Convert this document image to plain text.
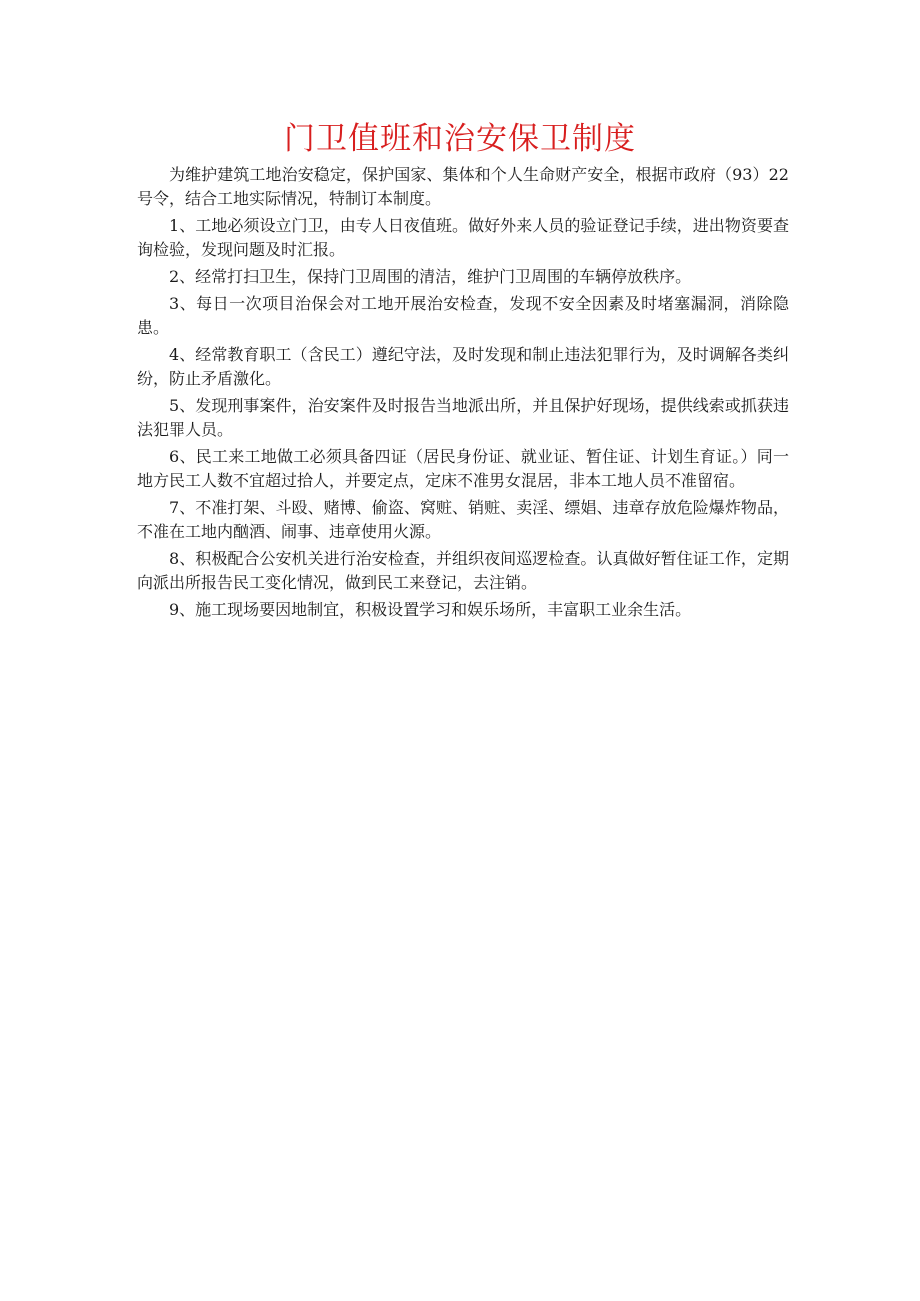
门卫值班和治安保卫制度

为维护建筑工地治安稳定，保护国家、集体和个人生命财产安全，根据市政府（93）22号令，结合工地实际情况，特制订本制度。

1、工地必须设立门卫，由专人日夜值班。做好外来人员的验证登记手续，进出物资要查询检验，发现问题及时汇报。

2、经常打扫卫生，保持门卫周围的清洁，维护门卫周围的车辆停放秩序。

3、每日一次项目治保会对工地开展治安检查，发现不安全因素及时堵塞漏洞，消除隐患。

4、经常教育职工（含民工）遵纪守法，及时发现和制止违法犯罪行为，及时调解各类纠纷，防止矛盾激化。

5、发现刑事案件，治安案件及时报告当地派出所，并且保护好现场，提供线索或抓获违法犯罪人员。

6、民工来工地做工必须具备四证（居民身份证、就业证、暂住证、计划生育证。）同一地方民工人数不宜超过拾人，并要定点，定床不准男女混居，非本工地人员不准留宿。

7、不准打架、斗殴、赌博、偷盗、窝赃、销赃、卖淫、缥娼、违章存放危险爆炸物品，不准在工地内酗酒、闹事、违章使用火源。

8、积极配合公安机关进行治安检查，并组织夜间巡逻检查。认真做好暂住证工作，定期向派出所报告民工变化情况，做到民工来登记，去注销。

9、施工现场要因地制宜，积极设置学习和娱乐场所，丰富职工业余生活。
